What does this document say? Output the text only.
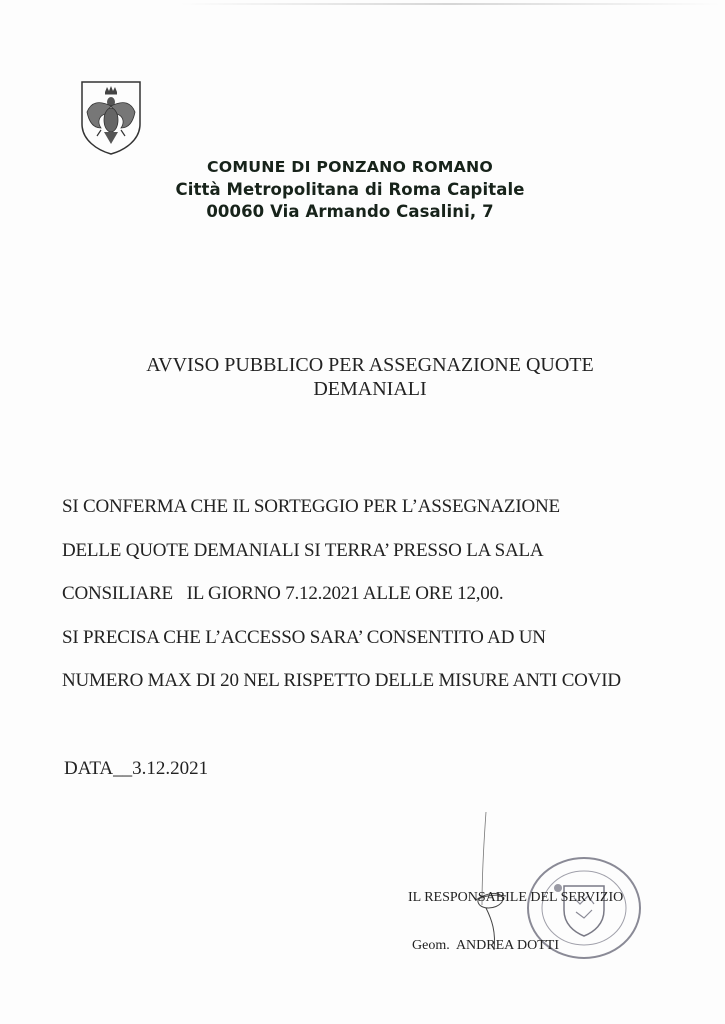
COMUNE DI PONZANO ROMANO
Città Metropolitana di Roma Capitale
00060 Via Armando Casalini, 7
AVVISO PUBBLICO PER ASSEGNAZIONE QUOTE
DEMANIALI
SI CONFERMA CHE IL SORTEGGIO PER L’ASSEGNAZIONE
DELLE QUOTE DEMANIALI SI TERRA’ PRESSO LA SALA
CONSILIARE   IL GIORNO 7.12.2021 ALLE ORE 12,00.
SI PRECISA CHE L’ACCESSO SARA’ CONSENTITO AD UN
NUMERO MAX DI 20 NEL RISPETTO DELLE MISURE ANTI COVID
DATA__3.12.2021

IL RESPONSABILE DEL SERVIZIO

Geom.  ANDREA DOTTI
